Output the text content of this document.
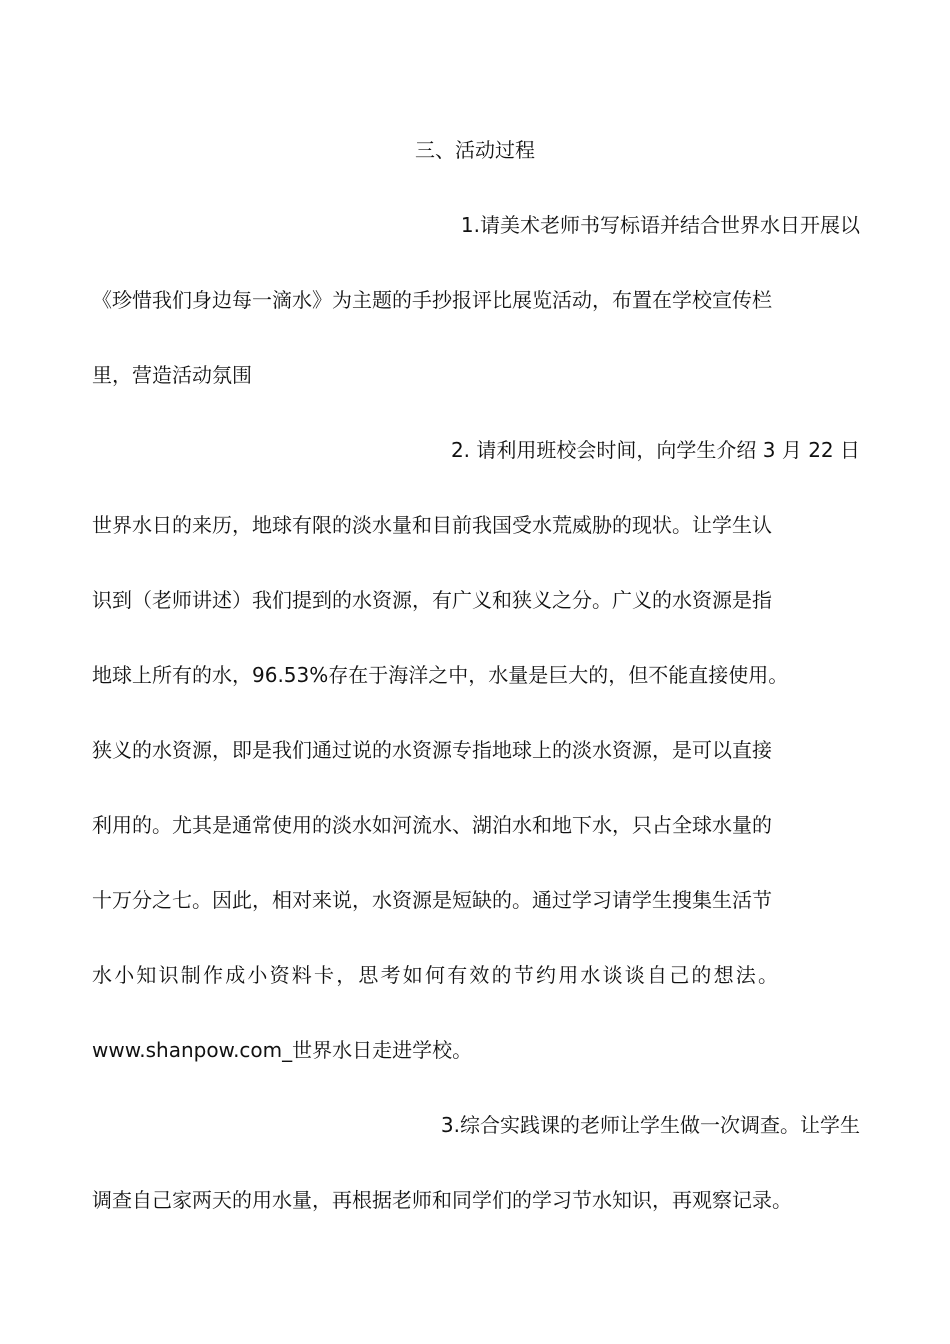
三、活动过程
1.请美术老师书写标语并结合世界水日开展以
《珍惜我们身边每一滴水》为主题的手抄报评比展览活动，布置在学校宣传栏
里，营造活动氛围
2. 请利用班校会时间，向学生介绍 3 月 22 日
世界水日的来历，地球有限的淡水量和目前我国受水荒威胁的现状。让学生认
识到（老师讲述）我们提到的水资源，有广义和狭义之分。广义的水资源是指
地球上所有的水，96.53%存在于海洋之中，水量是巨大的，但不能直接使用。
狭义的水资源，即是我们通过说的水资源专指地球上的淡水资源，是可以直接
利用的。尤其是通常使用的淡水如河流水、湖泊水和地下水，只占全球水量的
十万分之七。因此，相对来说，水资源是短缺的。通过学习请学生搜集生活节
水小知识制作成小资料卡，思考如何有效的节约用水谈谈自己的想法。
www.shanpow.com_世界水日走进学校。
3.综合实践课的老师让学生做一次调查。让学生
调查自己家两天的用水量，再根据老师和同学们的学习节水知识，再观察记录。
